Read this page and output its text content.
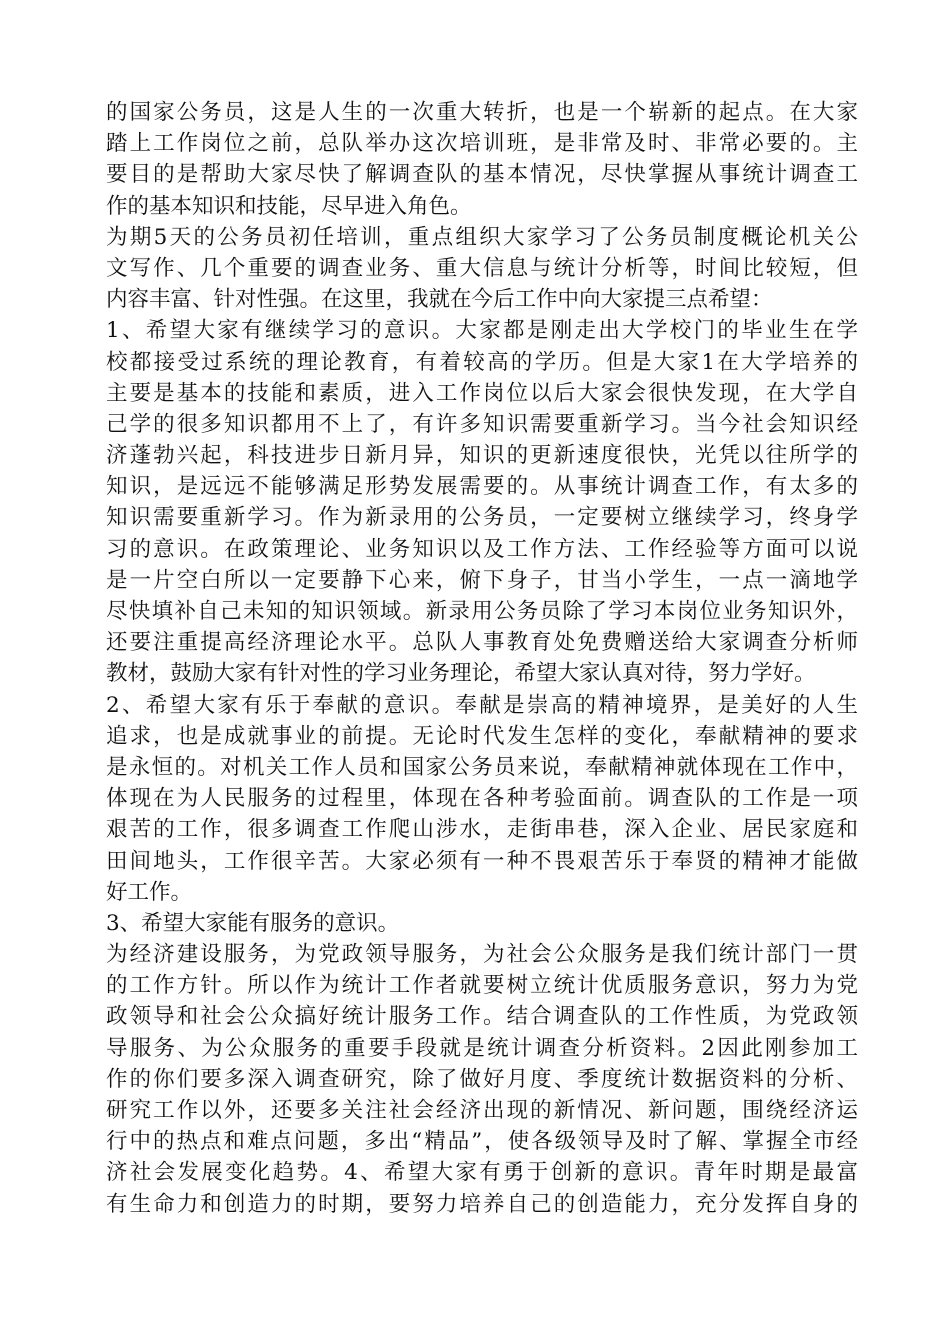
的国家公务员，这是人生的一次重大转折，也是一个崭新的起点。在大家
踏上工作岗位之前，总队举办这次培训班，是非常及时、非常必要的。主
要目的是帮助大家尽快了解调查队的基本情况，尽快掌握从事统计调查工
作的基本知识和技能，尽早进入角色。
为期5天的公务员初任培训，重点组织大家学习了公务员制度概论机关公
文写作、几个重要的调查业务、重大信息与统计分析等，时间比较短，但
内容丰富、针对性强。在这里，我就在今后工作中向大家提三点希望：
1、希望大家有继续学习的意识。大家都是刚走出大学校门的毕业生在学
校都接受过系统的理论教育，有着较高的学历。但是大家1在大学培养的
主要是基本的技能和素质，进入工作岗位以后大家会很快发现，在大学自
己学的很多知识都用不上了，有许多知识需要重新学习。当今社会知识经
济蓬勃兴起，科技进步日新月异，知识的更新速度很快，光凭以往所学的
知识，是远远不能够满足形势发展需要的。从事统计调查工作，有太多的
知识需要重新学习。作为新录用的公务员，一定要树立继续学习，终身学
习的意识。在政策理论、业务知识以及工作方法、工作经验等方面可以说
是一片空白所以一定要静下心来，俯下身子，甘当小学生，一点一滴地学
尽快填补自己未知的知识领域。新录用公务员除了学习本岗位业务知识外，
还要注重提高经济理论水平。总队人事教育处免费赠送给大家调查分析师
教材，鼓励大家有针对性的学习业务理论，希望大家认真对待，努力学好。
2、希望大家有乐于奉献的意识。奉献是崇高的精神境界，是美好的人生
追求，也是成就事业的前提。无论时代发生怎样的变化，奉献精神的要求
是永恒的。对机关工作人员和国家公务员来说，奉献精神就体现在工作中，
体现在为人民服务的过程里，体现在各种考验面前。调查队的工作是一项
艰苦的工作，很多调查工作爬山涉水，走街串巷，深入企业、居民家庭和
田间地头，工作很辛苦。大家必须有一种不畏艰苦乐于奉贤的精神才能做
好工作。
3、希望大家能有服务的意识。
为经济建设服务，为党政领导服务，为社会公众服务是我们统计部门一贯
的工作方针。所以作为统计工作者就要树立统计优质服务意识，努力为党
政领导和社会公众搞好统计服务工作。结合调查队的工作性质，为党政领
导服务、为公众服务的重要手段就是统计调查分析资料。2因此刚参加工
作的你们要多深入调查研究，除了做好月度、季度统计数据资料的分析、
研究工作以外，还要多关注社会经济出现的新情况、新问题，围绕经济运
行中的热点和难点问题，多出“精品”，使各级领导及时了解、掌握全市经
济社会发展变化趋势。4、希望大家有勇于创新的意识。青年时期是最富
有生命力和创造力的时期，要努力培养自己的创造能力，充分发挥自身的
